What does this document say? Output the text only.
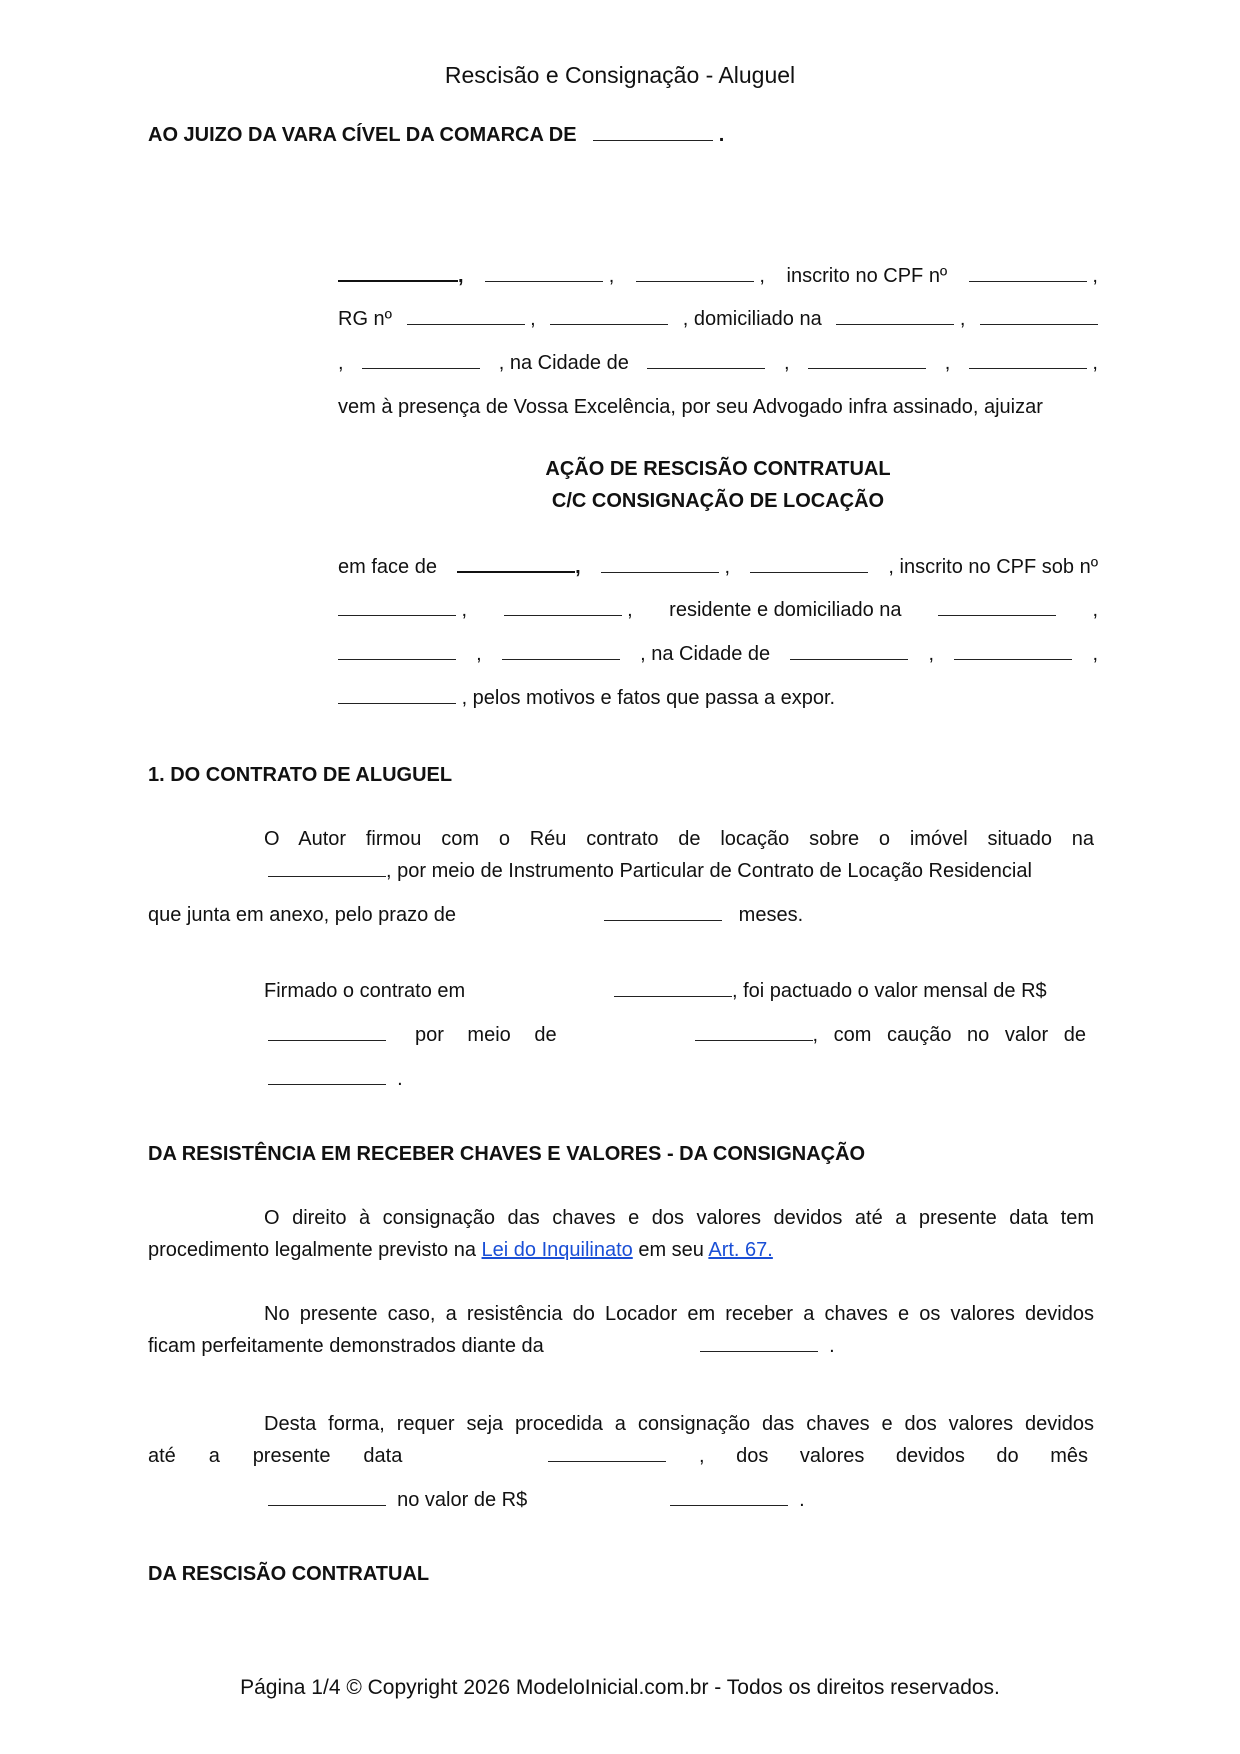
Rescisão e Consignação - Aluguel
AO JUIZO DA VARA CÍVEL DA COMARCA DE	.
,	,	, inscrito no CPF nº	,
RG nº	,	, domiciliado na	,
,	, na Cidade de	,	,	,
vem à presença de Vossa Excelência, por seu Advogado infra assinado, ajuizar
AÇÃO DE RESCISÃO CONTRATUAL
C/C CONSIGNAÇÃO DE LOCAÇÃO
em face de	,	,	, inscrito no CPF sob nº
,	, residente e domiciliado na	,
,	, na Cidade de	,	,
, pelos motivos e fatos que passa a expor.
1. DO CONTRATO DE ALUGUEL
O Autor firmou com o Réu contrato de locação sobre o imóvel situado na
, por meio de Instrumento Particular de Contrato de Locação Residencial
que junta em anexo, pelo prazo de	meses.
Firmado o contrato em	, foi pactuado o valor mensal de R$
por meio de	, com caução no valor de
.
DA RESISTÊNCIA EM RECEBER CHAVES E VALORES - DA CONSIGNAÇÃO
O direito à consignação das chaves e dos valores devidos até a presente data tem
procedimento legalmente previsto na Lei do Inquilinato em seu Art. 67.
No presente caso, a resistência do Locador em receber a chaves e os valores devidos
ficam perfeitamente demonstrados diante da	.
Desta forma, requer seja procedida a consignação das chaves e dos valores devidos
até a presente data	, dos valores devidos do mês
no valor de R$	.
DA RESCISÃO CONTRATUAL
Página 1/4 © Copyright 2026 ModeloInicial.com.br - Todos os direitos reservados.
